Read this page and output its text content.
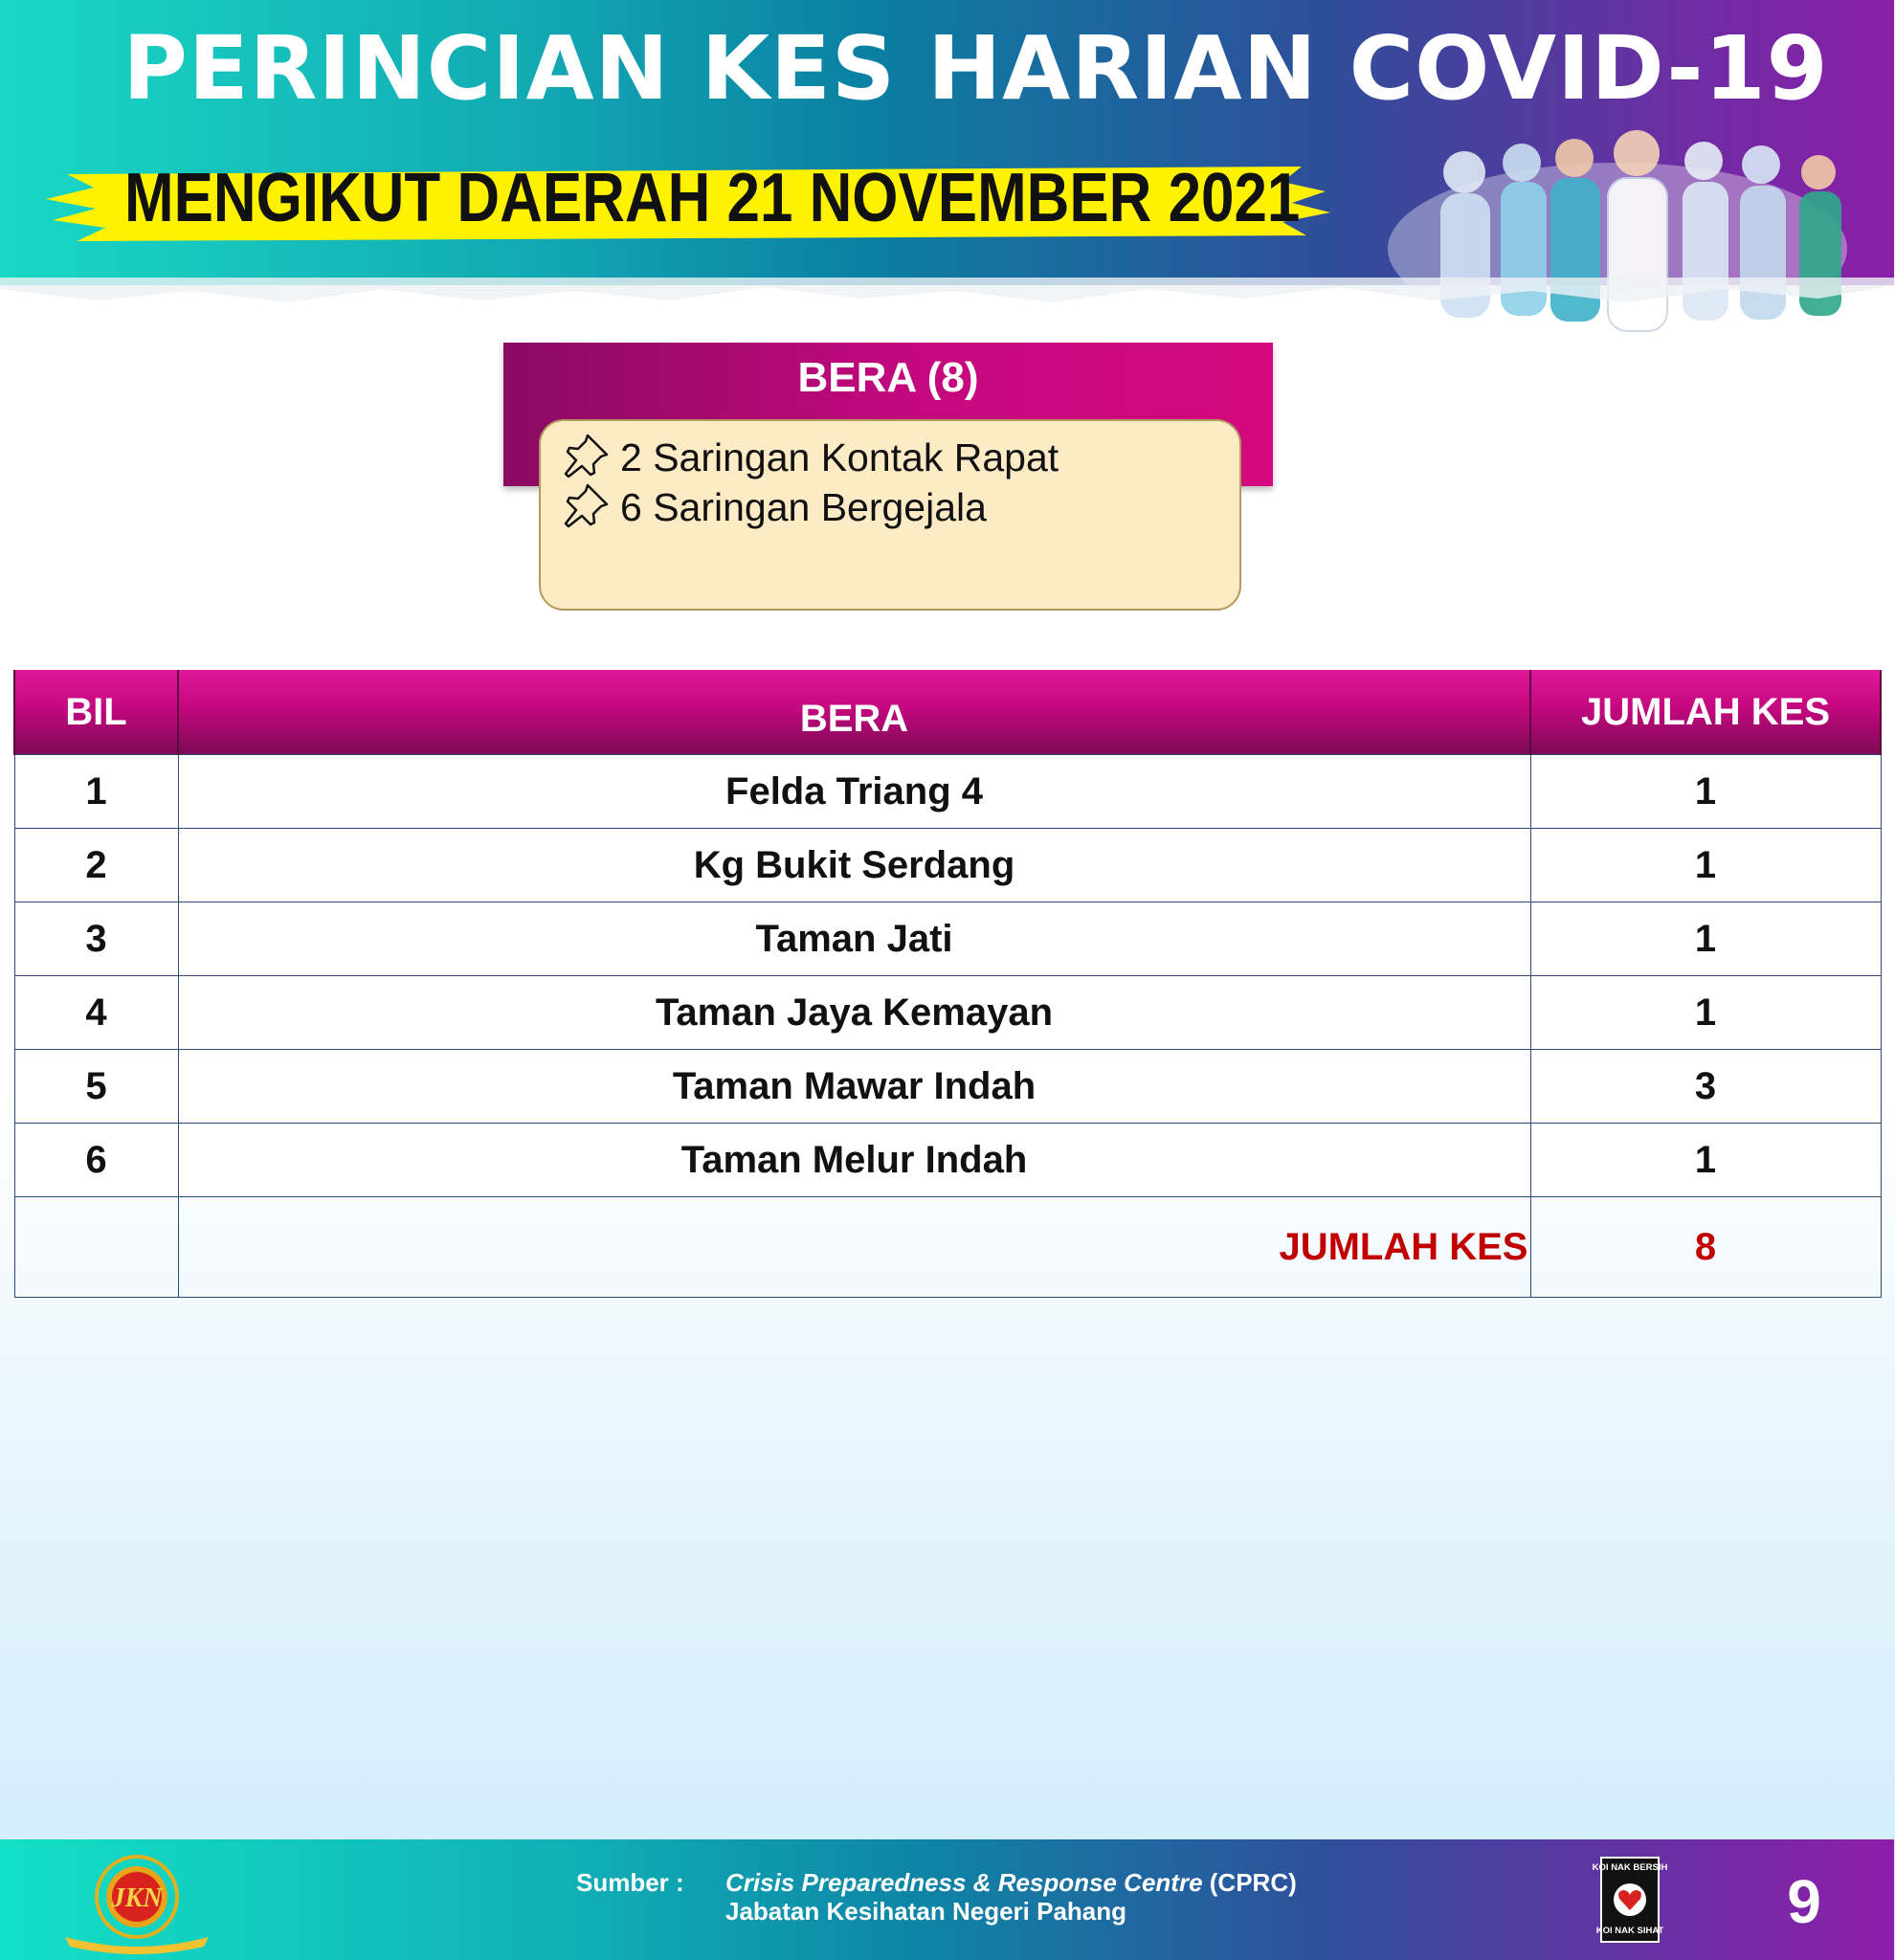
PERINCIAN KES HARIAN COVID-19
MENGIKUT DAERAH 21 NOVEMBER 2021
BERA (8)
2 Saringan Kontak Rapat
6 Saringan Bergejala
BIL	BERA	JUMLAH KES
1	Felda Triang 4	1
2	Kg Bukit Serdang	1
3	Taman Jati	1
4	Taman Jaya Kemayan	1
5	Taman Mawar Indah	3
6	Taman Melur Indah	1
	JUMLAH KES	8
JKN
Sumber : Crisis Preparedness & Response Centre (CPRC)
Jabatan Kesihatan Negeri Pahang
KOI NAK BERSIH
KOI NAK SIHAT 9
